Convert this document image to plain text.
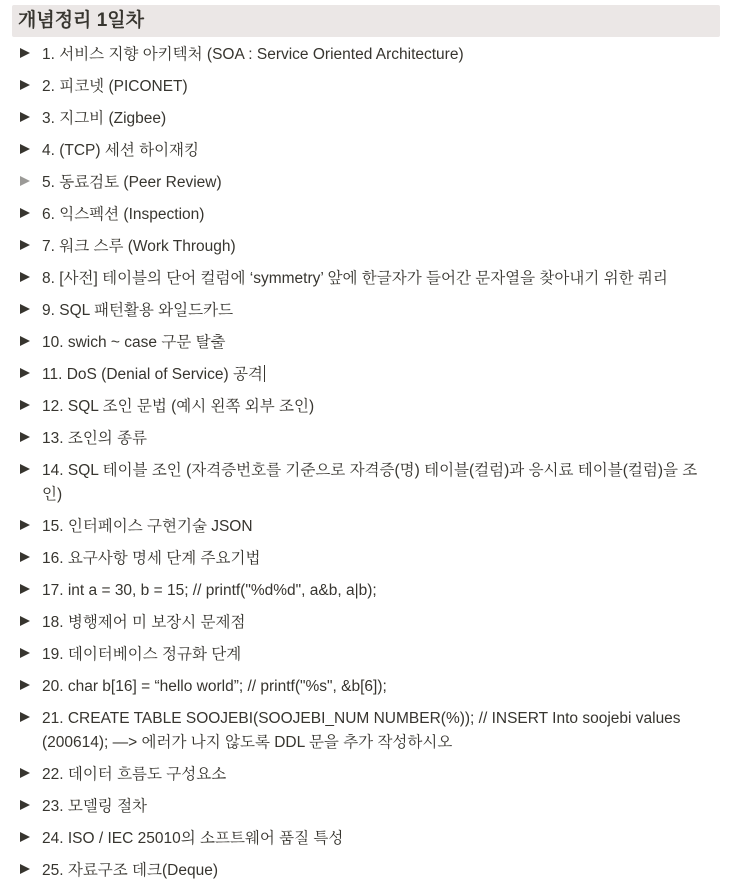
개념정리 1일차
1. 서비스 지향 아키텍처 (SOA : Service Oriented Architecture)
2. 피코넷 (PICONET)
3. 지그비 (Zigbee)
4. (TCP) 세션 하이재킹
5. 동료검토 (Peer Review)
6. 익스펙션 (Inspection)
7. 워크 스루 (Work Through)
8. [사전] 테이블의 단어 컬럼에 ‘symmetry’ 앞에 한글자가 들어간 문자열을 찾아내기 위한 쿼리
9. SQL 패턴활용 와일드카드
10. swich ~ case 구문 탈출
11. DoS (Denial of Service) 공격
12. SQL 조인 문법 (예시 왼쪽 외부 조인)
13. 조인의 종류
14. SQL 테이블 조인 (자격증번호를 기준으로 자격증(명) 테이블(컬럼)과 응시료 테이블(컬럼)을 조인)
15. 인터페이스 구현기술 JSON
16. 요구사항 명세 단계 주요기법
17. int a = 30, b = 15; // printf("%d%d", a&b, a|b);
18. 병행제어 미 보장시 문제점
19. 데이터베이스 정규화 단계
20. char b[16] = “hello world”; // printf("%s", &b[6]);
21. CREATE TABLE SOOJEBI(SOOJEBI_NUM NUMBER(%)); // INSERT Into soojebi values (200614); —> 에러가 나지 않도록 DDL 문을 추가 작성하시오
22. 데이터 흐름도 구성요소
23. 모델링 절차
24. ISO / IEC 25010의 소프트웨어 품질 특성
25. 자료구조 데크(Deque)
